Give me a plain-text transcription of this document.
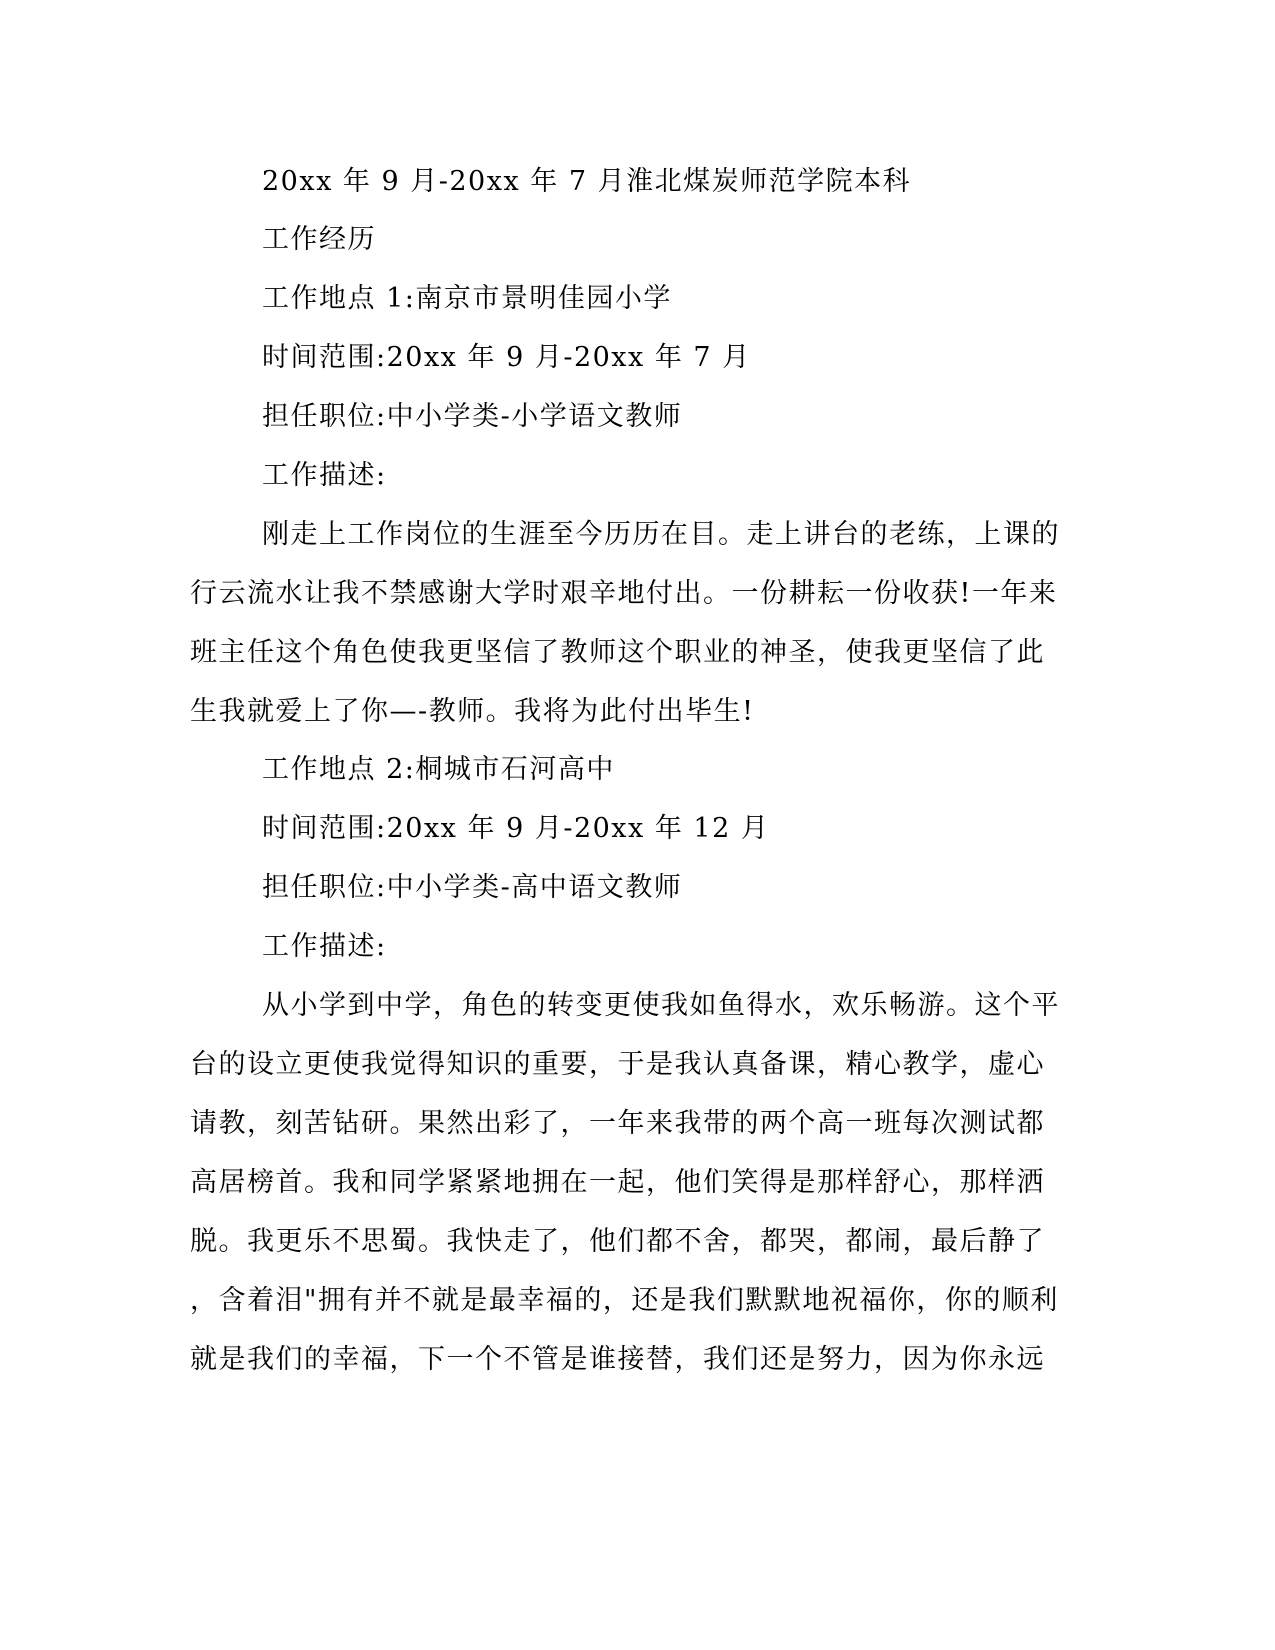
20xx 年 9 月-20xx 年 7 月淮北煤炭师范学院本科
工作经历
工作地点 1:南京市景明佳园小学
时间范围:20xx 年 9 月-20xx 年 7 月
担任职位:中小学类-小学语文教师
工作描述:
刚走上工作岗位的生涯至今历历在目。走上讲台的老练，上课的
行云流水让我不禁感谢大学时艰辛地付出。一份耕耘一份收获!一年来
班主任这个角色使我更坚信了教师这个职业的神圣，使我更坚信了此
生我就爱上了你—-教师。我将为此付出毕生!
工作地点 2:桐城市石河高中
时间范围:20xx 年 9 月-20xx 年 12 月
担任职位:中小学类-高中语文教师
工作描述:
从小学到中学，角色的转变更使我如鱼得水，欢乐畅游。这个平
台的设立更使我觉得知识的重要，于是我认真备课，精心教学，虚心
请教，刻苦钻研。果然出彩了，一年来我带的两个高一班每次测试都
高居榜首。我和同学紧紧地拥在一起，他们笑得是那样舒心，那样洒
脱。我更乐不思蜀。我快走了，他们都不舍，都哭，都闹，最后静了
，含着泪"拥有并不就是最幸福的，还是我们默默地祝福你，你的顺利
就是我们的幸福，下一个不管是谁接替，我们还是努力，因为你永远
